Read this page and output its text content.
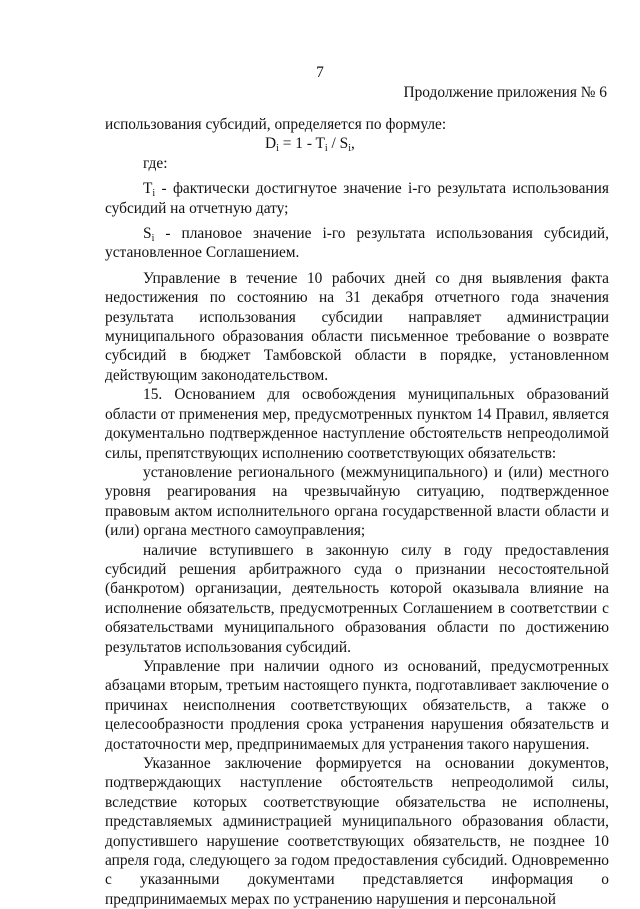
7
Продолжение приложения № 6

использования субсидий, определяется по формуле:

$D_i = 1 - T_i / S_i$,

где:

$T_i$ - фактически достигнутое значение i-го результата использования субсидий на отчетную дату;

$S_i$ - плановое значение i-го результата использования субсидий, установленное Соглашением.

Управление в течение 10 рабочих дней со дня выявления факта недостижения по состоянию на 31 декабря отчетного года значения результата использования субсидии направляет администрации муниципального образования области письменное требование о возврате субсидий в бюджет Тамбовской области в порядке, установленном действующим законодательством.

15. Основанием для освобождения муниципальных образований области от применения мер, предусмотренных пунктом 14 Правил, является документально подтвержденное наступление обстоятельств непреодолимой силы, препятствующих исполнению соответствующих обязательств:

установление регионального (межмуниципального) и (или) местного уровня реагирования на чрезвычайную ситуацию, подтвержденное правовым актом исполнительного органа государственной власти области и (или) органа местного самоуправления;

наличие вступившего в законную силу в году предоставления субсидий решения арбитражного суда о признании несостоятельной (банкротом) организации, деятельность которой оказывала влияние на исполнение обязательств, предусмотренных Соглашением в соответствии с обязательствами муниципального образования области по достижению результатов использования субсидий.

Управление при наличии одного из оснований, предусмотренных абзацами вторым, третьим настоящего пункта, подготавливает заключение о причинах неисполнения соответствующих обязательств, а также о целесообразности продления срока устранения нарушения обязательств и достаточности мер, предпринимаемых для устранения такого нарушения.

Указанное заключение формируется на основании документов, подтверждающих наступление обстоятельств непреодолимой силы, вследствие которых соответствующие обязательства не исполнены, представляемых администрацией муниципального образования области, допустившего нарушение соответствующих обязательств, не позднее 10 апреля года, следующего за годом предоставления субсидий. Одновременно с указанными документами представляется информация о предпринимаемых мерах по устранению нарушения и персональной
